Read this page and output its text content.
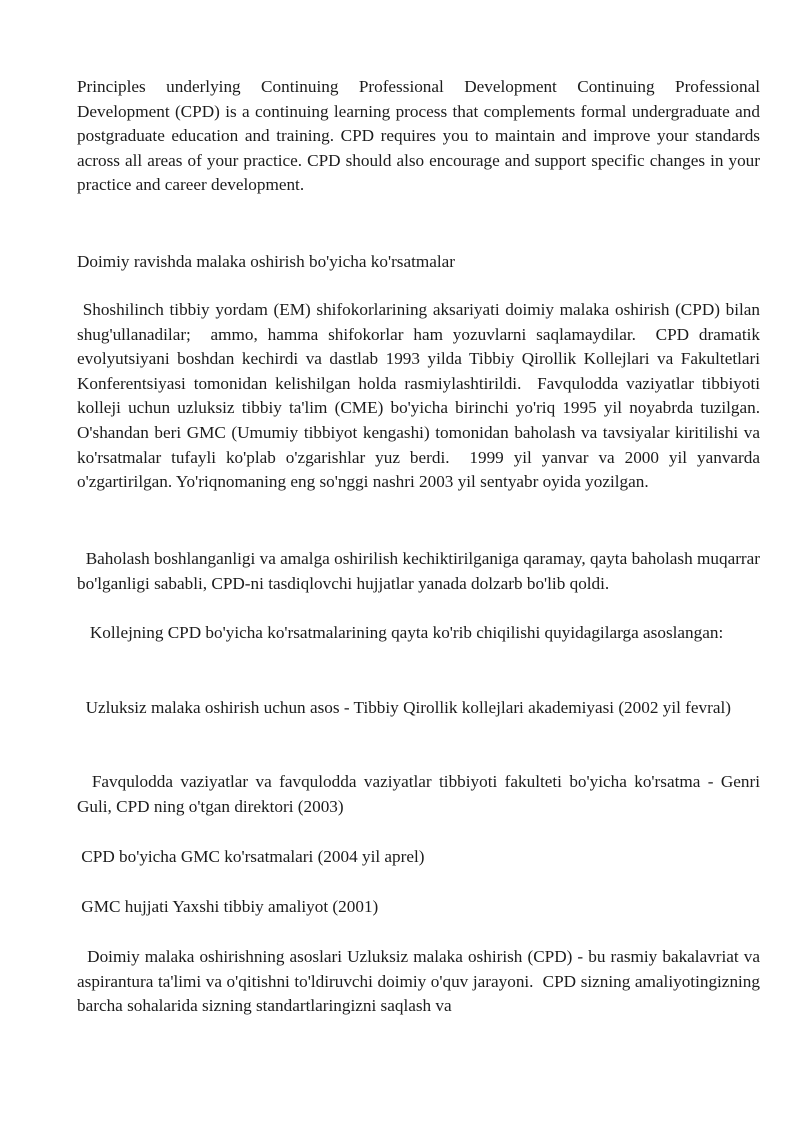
Principles underlying Continuing Professional Development Continuing Professional Development (CPD) is a continuing learning process that complements formal undergraduate and postgraduate education and training. CPD requires you to maintain and improve your standards across all areas of your practice. CPD should also encourage and support specific changes in your practice and career development.

Doimiy ravishda malaka oshirish bo'yicha ko'rsatmalar

Shoshilinch tibbiy yordam (EM) shifokorlarining aksariyati doimiy malaka oshirish (CPD) bilan shug'ullanadilar;  ammo, hamma shifokorlar ham yozuvlarni saqlamaydilar.  CPD dramatik evolyutsiyani boshdan kechirdi va dastlab 1993 yilda Tibbiy Qirollik Kollejlari va Fakultetlari Konferentsiyasi tomonidan kelishilgan holda rasmiylashtirildi.  Favqulodda vaziyatlar tibbiyoti kolleji uchun uzluksiz tibbiy ta'lim (CME) bo'yicha birinchi yo'riq 1995 yil noyabrda tuzilgan. O'shandan beri GMC (Umumiy tibbiyot kengashi) tomonidan baholash va tavsiyalar kiritilishi va ko'rsatmalar tufayli ko'plab o'zgarishlar yuz berdi.  1999 yil yanvar va 2000 yil yanvarda o'zgartirilgan. Yo'riqnomaning eng so'nggi nashri 2003 yil sentyabr oyida yozilgan.

Baholash boshlanganligi va amalga oshirilish kechiktirilganiga qaramay, qayta baholash muqarrar bo'lganligi sababli, CPD-ni tasdiqlovchi hujjatlar yanada dolzarb bo'lib qoldi.

Kollejning CPD bo'yicha ko'rsatmalarining qayta ko'rib chiqilishi quyidagilarga asoslangan:

Uzluksiz malaka oshirish uchun asos - Tibbiy Qirollik kollejlari akademiyasi (2002 yil fevral)

Favqulodda vaziyatlar va favqulodda vaziyatlar tibbiyoti fakulteti bo'yicha ko'rsatma - Genri Guli, CPD ning o'tgan direktori (2003)

CPD bo'yicha GMC ko'rsatmalari (2004 yil aprel)

GMC hujjati Yaxshi tibbiy amaliyot (2001)

Doimiy malaka oshirishning asoslari Uzluksiz malaka oshirish (CPD) - bu rasmiy bakalavriat va aspirantura ta'limi va o'qitishni to'ldiruvchi doimiy o'quv jarayoni.  CPD sizning amaliyotingizning barcha sohalarida sizning standartlaringizni saqlash va
